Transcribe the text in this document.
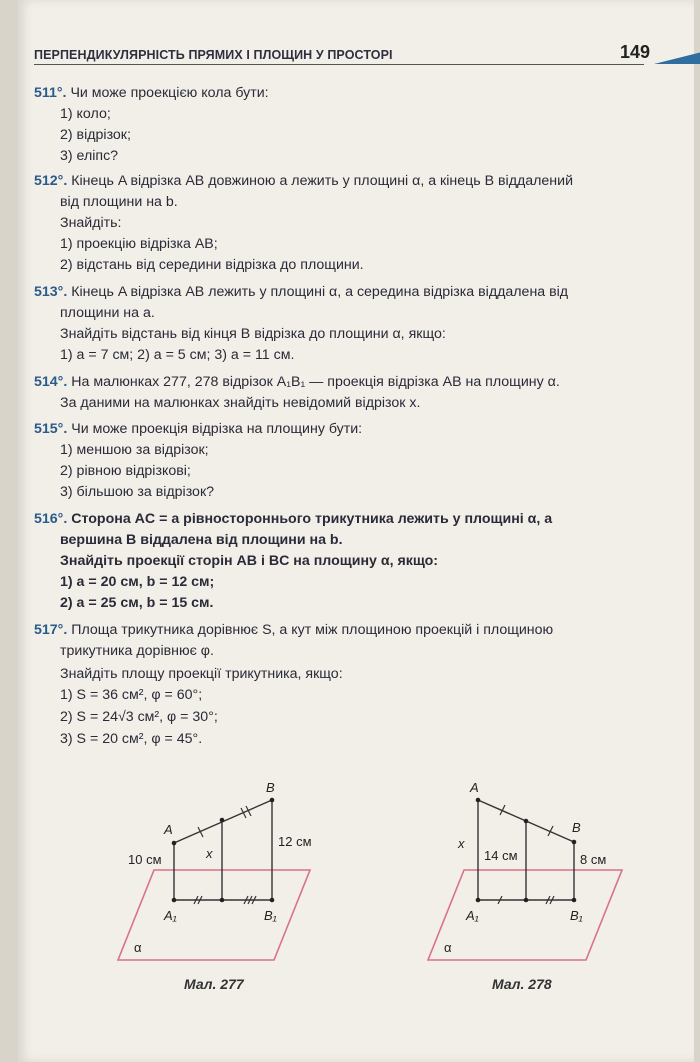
ПЕРПЕНДИКУЛЯРНІСТЬ ПРЯМИХ І ПЛОЩИН У ПРОСТОРІ	149
511°. Чи може проекцією кола бути:
1) коло;
2) відрізок;
3) еліпс?
512°. Кінець A відрізка AB довжиною a лежить у площині α, а кінець B віддалений
від площини на b.
Знайдіть:
1) проекцію відрізка AB;
2) відстань від середини відрізка до площини.
513°. Кінець A відрізка AB лежить у площині α, а середина відрізка віддалена від
площини на a.
Знайдіть відстань від кінця B відрізка до площини α, якщо:
1) a = 7 см; 2) a = 5 см; 3) a = 11 см.
514°. На малюнках 277, 278 відрізок A₁B₁ — проекція відрізка AB на площину α.
За даними на малюнках знайдіть невідомий відрізок x.
515°. Чи може проекція відрізка на площину бути:
1) меншою за відрізок;
2) рівною відрізкові;
3) більшою за відрізок?
516°. Сторона AC = a рівностороннього трикутника лежить у площині α, а
вершина B віддалена від площини на b.
Знайдіть проекції сторін AB і BC на площину α, якщо:
1) a = 20 см, b = 12 см;
2) a = 25 см, b = 15 см.
517°. Площа трикутника дорівнює S, а кут між площиною проекцій і площиною
трикутника дорівнює φ.
Знайдіть площу проекції трикутника, якщо:
1) S = 36 см², φ = 60°;
2) S = 24√3 см², φ = 30°;
3) S = 20 см², φ = 45°.
A
B
A₁	B₁
x
10 см
12 см
α
Мал. 277
A
B
A₁	B₁
x
14 см	8 см
α
Мал. 278
